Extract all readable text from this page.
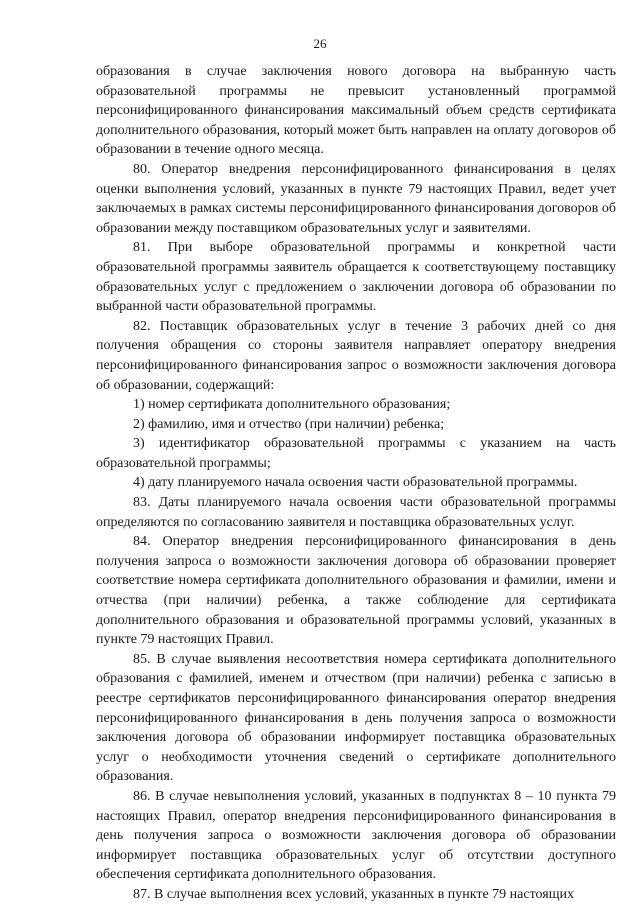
26

образования в случае заключения нового договора на выбранную часть образовательной программы не превысит установленный программой персонифицированного финансирования максимальный объем средств сертификата дополнительного образования, который может быть направлен на оплату договоров об образовании в течение одного месяца.

80. Оператор внедрения персонифицированного финансирования в целях оценки выполнения условий, указанных в пункте 79 настоящих Правил, ведет учет заключаемых в рамках системы персонифицированного финансирования договоров об образовании между поставщиком образовательных услуг и заявителями.

81. При выборе образовательной программы и конкретной части образовательной программы заявитель обращается к соответствующему поставщику образовательных услуг с предложением о заключении договора об образовании по выбранной части образовательной программы.

82. Поставщик образовательных услуг в течение 3 рабочих дней со дня получения обращения со стороны заявителя направляет оператору внедрения персонифицированного финансирования запрос о возможности заключения договора об образовании, содержащий:

1) номер сертификата дополнительного образования;

2) фамилию, имя и отчество (при наличии) ребенка;

3) идентификатор образовательной программы с указанием на часть образовательной программы;

4) дату планируемого начала освоения части образовательной программы.

83. Даты планируемого начала освоения части образовательной программы определяются по согласованию заявителя и поставщика образовательных услуг.

84. Оператор внедрения персонифицированного финансирования в день получения запроса о возможности заключения договора об образовании проверяет соответствие номера сертификата дополнительного образования и фамилии, имени и отчества (при наличии) ребенка, а также соблюдение для сертификата дополнительного образования и образовательной программы условий, указанных в пункте 79 настоящих Правил.

85. В случае выявления несоответствия номера сертификата дополнительного образования с фамилией, именем и отчеством (при наличии) ребенка с записью в реестре сертификатов персонифицированного финансирования оператор внедрения персонифицированного финансирования в день получения запроса о возможности заключения договора об образовании информирует поставщика образовательных услуг о необходимости уточнения сведений о сертификате дополнительного образования.

86. В случае невыполнения условий, указанных в подпунктах 8 – 10 пункта 79 настоящих Правил, оператор внедрения персонифицированного финансирования в день получения запроса о возможности заключения договора об образовании информирует поставщика образовательных услуг об отсутствии доступного обеспечения сертификата дополнительного образования.

87. В случае выполнения всех условий, указанных в пункте 79 настоящих
